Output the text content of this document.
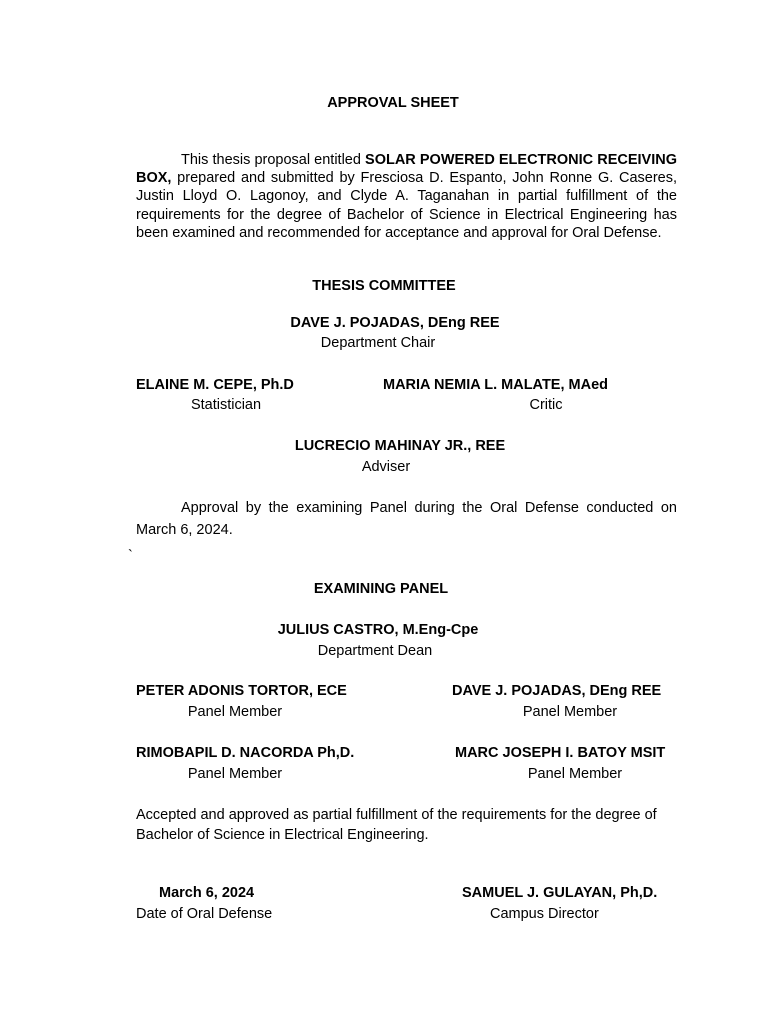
APPROVAL SHEET
This thesis proposal entitled SOLAR POWERED ELECTRONIC RECEIVING BOX, prepared and submitted by Fresciosa D. Espanto, John Ronne G. Caseres, Justin Lloyd O. Lagonoy, and Clyde A. Taganahan in partial fulfillment of the requirements for the degree of Bachelor of Science in Electrical Engineering has been examined and recommended for acceptance and approval for Oral Defense.
THESIS COMMITTEE
DAVE J. POJADAS, DEng REE
Department Chair
ELAINE M. CEPE, Ph.D
Statistician
MARIA NEMIA L. MALATE, MAed
Critic
LUCRECIO MAHINAY JR., REE
Adviser
Approval by the examining Panel during the Oral Defense conducted on March 6, 2024.
`
EXAMINING PANEL
JULIUS CASTRO, M.Eng-Cpe
Department Dean
PETER ADONIS TORTOR, ECE
Panel Member
DAVE J. POJADAS, DEng REE
Panel Member
RIMOBAPIL D. NACORDA Ph,D.
Panel Member
MARC JOSEPH I. BATOY MSIT
Panel Member
Accepted and approved as partial fulfillment of the requirements for the degree of Bachelor of Science in Electrical Engineering.
March 6, 2024
Date of Oral Defense
SAMUEL J. GULAYAN, Ph,D.
Campus Director
